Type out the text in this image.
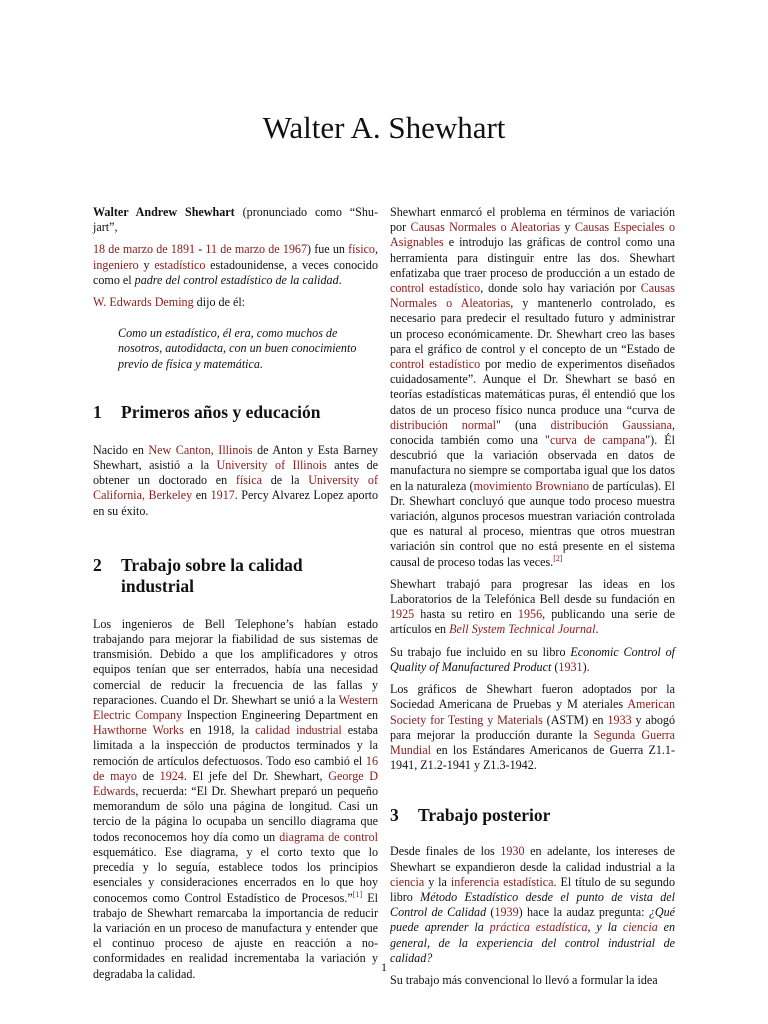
Walter A. Shewhart

Walter Andrew Shewhart (pronunciado como “Shu-jart”,

18 de marzo de 1891 - 11 de marzo de 1967) fue un físico, ingeniero y estadístico estadounidense, a veces conocido como el padre del control estadístico de la calidad.

W. Edwards Deming dijo de él:

Como un estadístico, él era, como muchos de nosotros, autodidacta, con un buen conocimiento previo de física y matemática.
1	Primeros años y educación

Nacido en New Canton, Illinois de Anton y Esta Barney Shewhart, asistió a la University of Illinois antes de obtener un doctorado en física de la University of California, Berkeley en 1917. Percy Alvarez Lopez aporto en su éxito.

2	Trabajo sobre la calidad industrial

Los ingenieros de Bell Telephone’s habían estado trabajando para mejorar la fiabilidad de sus sistemas de transmisión. Debido a que los amplificadores y otros equipos tenían que ser enterrados, había una necesidad comercial de reducir la frecuencia de las fallas y reparaciones. Cuando el Dr. Shewhart se unió a la Western Electric Company Inspection Engineering Department en Hawthorne Works en 1918, la calidad industrial estaba limitada a la inspección de productos terminados y la remoción de artículos defectuosos. Todo eso cambió el 16 de mayo de 1924. El jefe del Dr. Shewhart, George D Edwards, recuerda: “El Dr. Shewhart preparó un pequeño memorandum de sólo una página de longitud. Casi un tercio de la página lo ocupaba un sencillo diagrama que todos reconocemos hoy día como un diagrama de control esquemático. Ese diagrama, y el corto texto que lo precedía y lo seguía, establece todos los principios esenciales y consideraciones encerrados en lo que hoy conocemos como Control Estadístico de Procesos.”[1] El trabajo de Shewhart remarcaba la importancia de reducir la variación en un proceso de manufactura y entender que el continuo proceso de ajuste en reacción a no-conformidades en realidad incrementaba la variación y degradaba la calidad.

Shewhart enmarcó el problema en términos de variación por Causas Normales o Aleatorias y Causas Especiales o Asignables e introdujo las gráficas de control como una herramienta para distinguir entre las dos. Shewhart enfatizaba que traer proceso de producción a un estado de control estadístico, donde solo hay variación por Causas Normales o Aleatorias, y mantenerlo controlado, es necesario para predecir el resultado futuro y administrar un proceso económicamente. Dr. Shewhart creo las bases para el gráfico de control y el concepto de un “Estado de control estadístico por medio de experimentos diseñados cuidadosamente”. Aunque el Dr. Shewhart se basó en teorías estadísticas matemáticas puras, él entendió que los datos de un proceso físico nunca produce una “curva de distribución normal" (una distribución Gaussiana, conocida también como una "curva de campana"). Él descubrió que la variación observada en datos de manufactura no siempre se comportaba igual que los datos en la naturaleza (movimiento Browniano de partículas). El Dr. Shewhart concluyó que aunque todo proceso muestra variación, algunos procesos muestran variación controlada que es natural al proceso, mientras que otros muestran variación sin control que no está presente en el sistema causal de proceso todas las veces.[2]

Shewhart trabajó para progresar las ideas en los Laboratorios de la Telefónica Bell desde su fundación en 1925 hasta su retiro en 1956, publicando una serie de artículos en Bell System Technical Journal.

Su trabajo fue incluido en su libro Economic Control of Quality of Manufactured Product (1931).

Los gráficos de Shewhart fueron adoptados por la Sociedad Americana de Pruebas y M ateriales American Society for Testing y Materials (ASTM) en 1933 y abogó para mejorar la producción durante la Segunda Guerra Mundial en los Estándares Americanos de Guerra Z1.1-1941, Z1.2-1941 y Z1.3-1942.

3	Trabajo posterior

Desde finales de los 1930 en adelante, los intereses de Shewhart se expandieron desde la calidad industrial a la ciencia y la inferencia estadística. El título de su segundo libro Método Estadístico desde el punto de vista del Control de Calidad (1939) hace la audaz pregunta: ¿Qué puede aprender la práctica estadística, y la ciencia en general, de la experiencia del control industrial de calidad?

Su trabajo más convencional lo llevó a formular la idea

1
